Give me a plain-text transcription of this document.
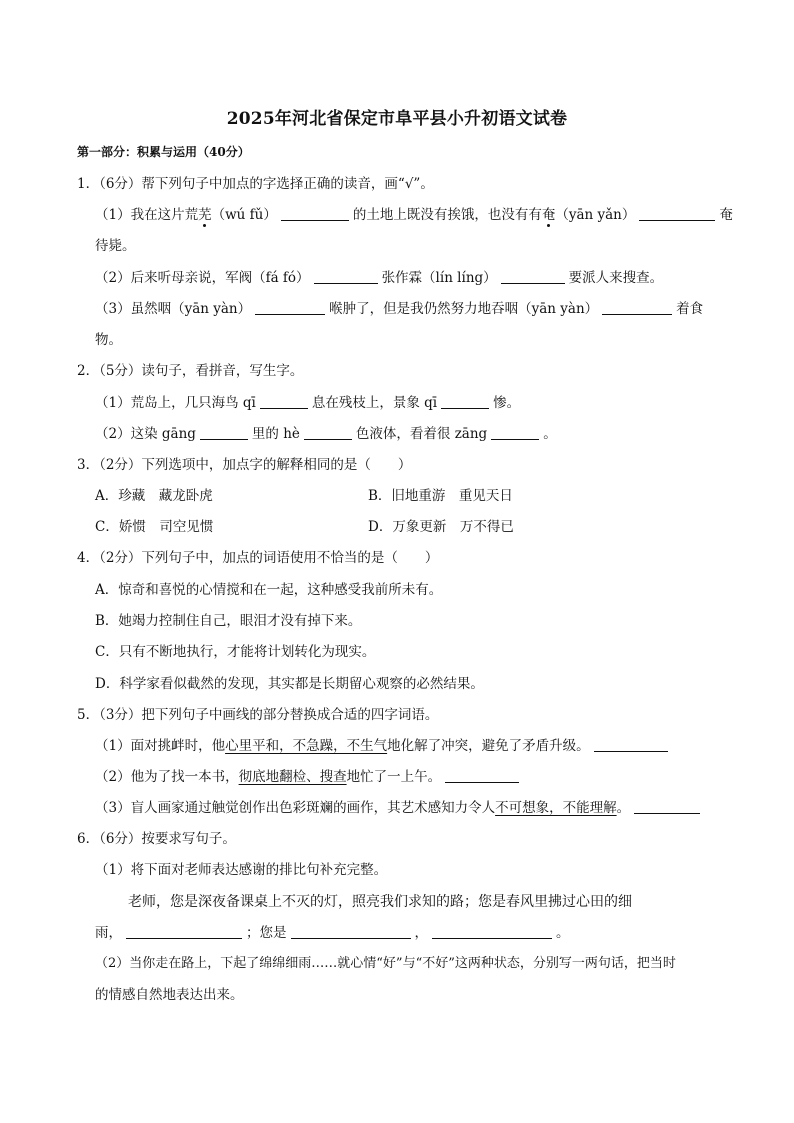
2025年河北省保定市阜平县小升初语文试卷
第一部分：积累与运用（40分）
1．（6分）帮下列句子中加点的字选择正确的读音，画“√”。
（1）我在这片荒芜（wú fǔ）	的土地上既没有挨饿，也没有有奄（yān yǎn）	奄
待毙。
（2）后来听母亲说，军阀（fá fó）	张作霖（lín líng）	要派人来搜查。
（3）虽然咽（yān yàn）	喉肿了，但是我仍然努力地吞咽（yān yàn）	着食
物。
2．（5分）读句子，看拼音，写生字。
（1）荒岛上，几只海鸟 qī	息在残枝上，景象 qī	惨。
（2）这染 gāng	里的 hè	色液体，看着很 zāng	。
3．（2分）下列选项中，加点字的解释相同的是（　　）
A．珍藏　藏龙卧虎	B．旧地重游　重见天日
C．娇惯　司空见惯	D．万象更新　万不得已
4．（2分）下列句子中，加点的词语使用不恰当的是（　　）
A．惊奇和喜悦的心情搅和在一起，这种感受我前所未有。
B．她竭力控制住自己，眼泪才没有掉下来。
C．只有不断地执行，才能将计划转化为现实。
D．科学家看似截然的发现，其实都是长期留心观察的必然结果。
5．（3分）把下列句子中画线的部分替换成合适的四字词语。
（1）面对挑衅时，他心里平和，不急躁，不生气地化解了冲突，避免了矛盾升级。
（2）他为了找一本书，彻底地翻检、搜查地忙了一上午。
（3）盲人画家通过触觉创作出色彩斑斓的画作，其艺术感知力令人不可想象，不能理解。
6．（6分）按要求写句子。
（1）将下面对老师表达感谢的排比句补充完整。
老师，您是深夜备课桌上不灭的灯，照亮我们求知的路；您是春风里拂过心田的细
雨，	；您是	，	。
（2）当你走在路上，下起了绵绵细雨……就心情“好”与“不好”这两种状态，分别写一两句话，把当时
的情感自然地表达出来。
